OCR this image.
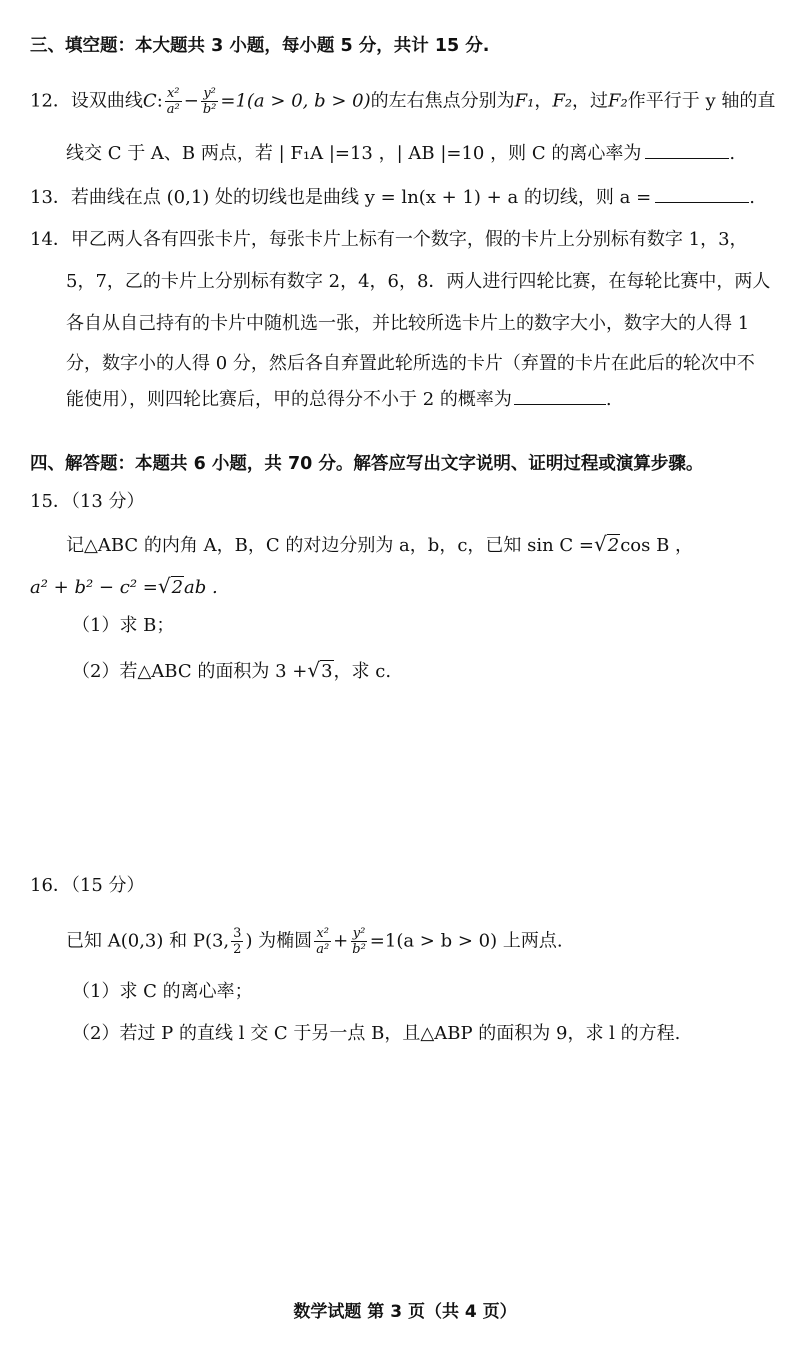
三、填空题：本大题共 3 小题，每小题 5 分，共计 15 分.
12．设双曲线C: $\frac{\text{x²}}{\text{a²}} - \frac{\text{y²}}{\text{b²}} =1(a > 0$, b > 0)的左右焦点分别为F₁，F₂，过F₂作平行于 y 轴的直
线交 C 于 A、B 两点，若 | F₁A |=13 ，| AB |=10 ，则 C 的离心率为	.
13．若曲线在点 (0,1) 处的切线也是曲线 y = ln(x + 1) + a 的切线，则 a =	.
14．甲乙两人各有四张卡片，每张卡片上标有一个数字，假的卡片上分别标有数字 1，3，
5，7，乙的卡片上分别标有数字 2，4，6，8．两人进行四轮比赛，在每轮比赛中，两人
各自从自己持有的卡片中随机选一张，并比较所选卡片上的数字大小，数字大的人得 1
分，数字小的人得 0 分，然后各自弃置此轮所选的卡片（弃置的卡片在此后的轮次中不
能使用），则四轮比赛后，甲的总得分不小于 2 的概率为	.
四、解答题：本题共 6 小题，共 70 分。解答应写出文字说明、证明过程或演算步骤。
15．（13 分）
记△ABC 的内角 A，B，C 的对边分别为 a，b，c，已知 sin C =√2cos B ，
a² + b² − c² =√2ab .
（1）求 B；
（2）若△ABC 的面积为 3 +√3，求 c.
16．（15 分）
已知 A(0,3) 和 P(3, $\frac{3}{2}$ ) 为椭圆 $\frac{\text{x²}}{\text{a²}} + \frac{\text{y²}}{\text{b²}} =1(a > b > 0)$ 上两点.
（1）求 C 的离心率；
（2）若过 P 的直线 l 交 C 于另一点 B，且△ABP 的面积为 9，求 l 的方程.
数学试题 第 3 页（共 4 页）
